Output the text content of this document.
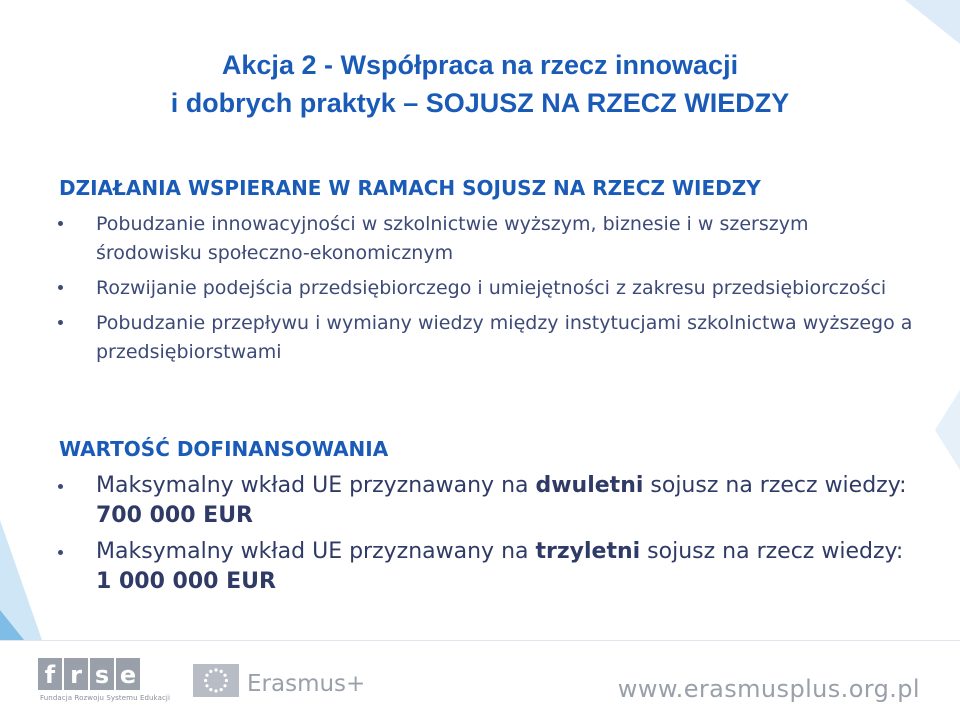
Akcja 2 - Współpraca na rzecz innowacji
i dobrych praktyk – SOJUSZ NA RZECZ WIEDZY
DZIAŁANIA WSPIERANE W RAMACH SOJUSZ NA RZECZ WIEDZY
Pobudzanie innowacyjności w szkolnictwie wyższym, biznesie i w szerszym środowisku społeczno-ekonomicznym
Rozwijanie podejścia przedsiębiorczego i umiejętności z zakresu przedsiębiorczości
Pobudzanie przepływu i wymiany wiedzy między instytucjami szkolnictwa wyższego a przedsiębiorstwami
WARTOŚĆ DOFINANSOWANIA
Maksymalny wkład UE przyznawany na dwuletni sojusz na rzecz wiedzy: 700 000 EUR
Maksymalny wkład UE przyznawany na trzyletni sojusz na rzecz wiedzy: 1 000 000 EUR
f r s e
Fundacja Rozwoju Systemu Edukacji
Erasmus+	www.erasmusplus.org.pl
